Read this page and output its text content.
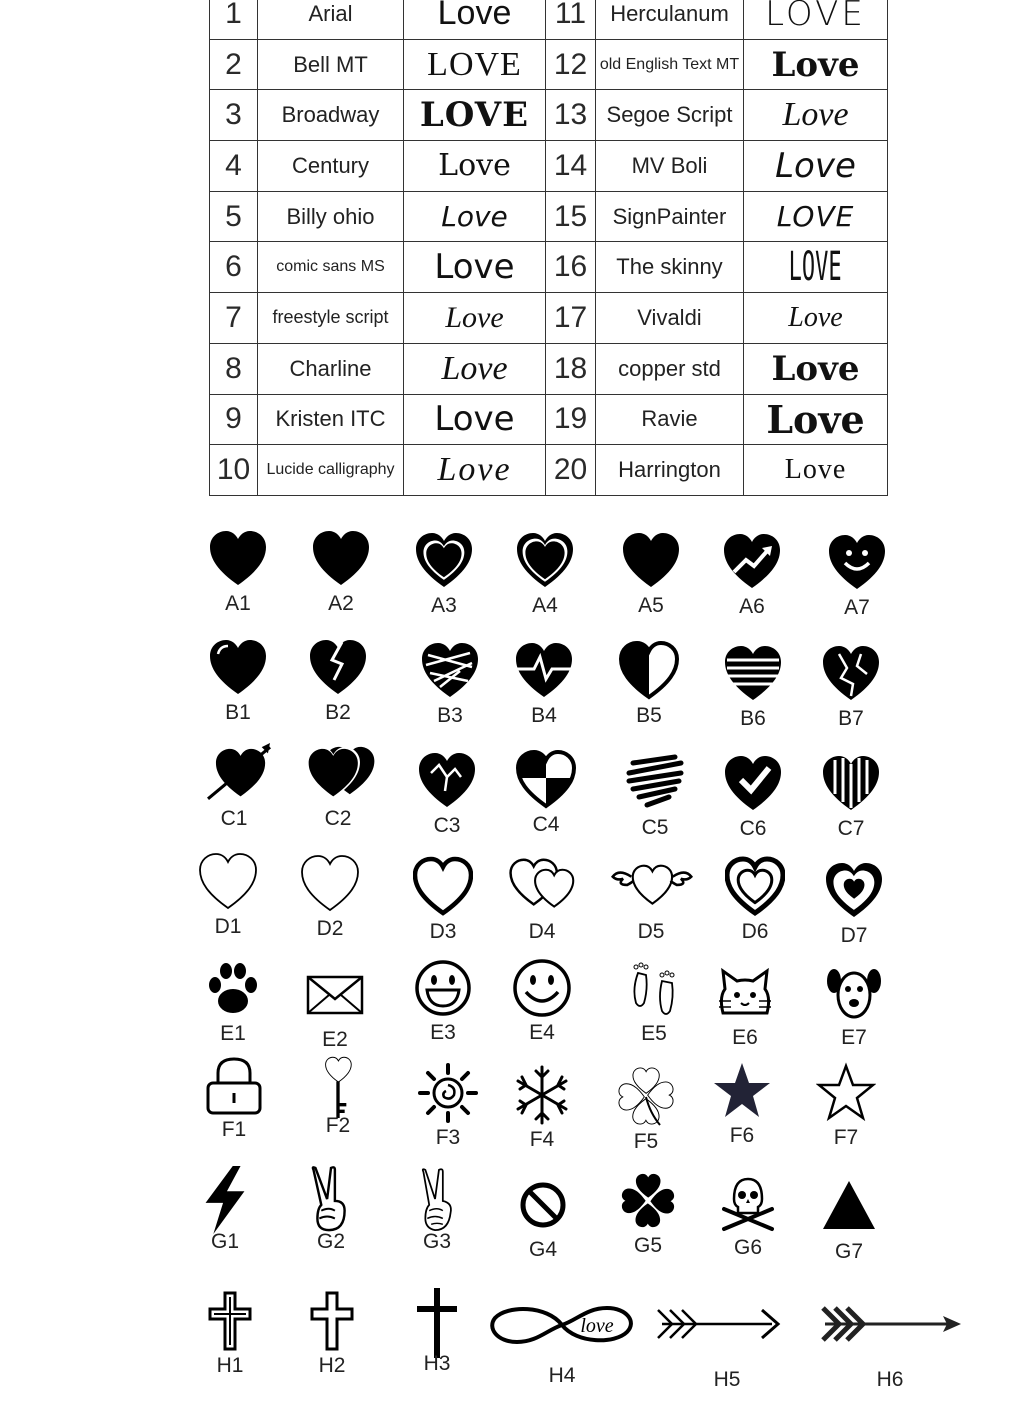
1	Arial	Love	11	Herculanum	LOVE
2	Bell MT	LOVE	12	old English Text MT	Love
3	Broadway	LOVE	13	Segoe Script	Love
4	Century	Love	14	MV Boli	Love
5	Billy ohio	Love	15	SignPainter	LOVE
6	comic sans MS	Love	16	The skinny	LOVE
7	freestyle script	Love	17	Vivaldi	Love
8	Charline	Love	18	copper std	Love
9	Kristen ITC	Love	19	Ravie	Love
10	Lucide calligraphy	Love	20	Harrington	Love
A1	A2	A3	A4	A5	A6	A7
B1	B2	B3	B4	B5	B6	B7
C1	C2	C3	C4	C5	C6	C7
D1	D2	D3	D4	D5	D6	D7
E1	E2	E3	E4	E5	E6	E7
F1	F2
F3	F4	F5	F6	F7
G1	G2	G3	G4	G5	G6	G7
H1	H2	H3
love
H4	H5	H6
